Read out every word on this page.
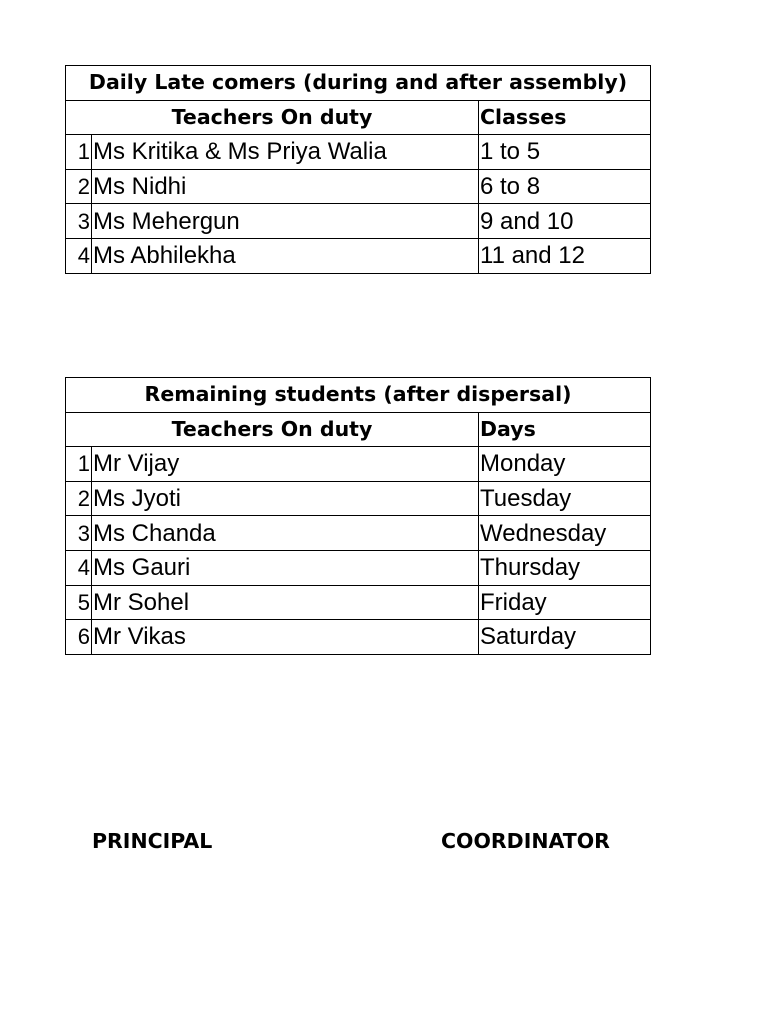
Daily Late comers (during and after assembly)		
Teachers On duty		Classes
1	Ms Kritika & Ms Priya Walia	1 to 5
2	Ms Nidhi	6 to 8
3	Ms Mehergun	9 and 10
4	Ms Abhilekha	11 and 12
Remaining students (after dispersal)		
Teachers On duty		Days
1	Mr Vijay	Monday
2	Ms Jyoti	Tuesday
3	Ms Chanda	Wednesday
4	Ms Gauri	Thursday
5	Mr Sohel	Friday
6	Mr Vikas	Saturday
PRINCIPAL	COORDINATOR
